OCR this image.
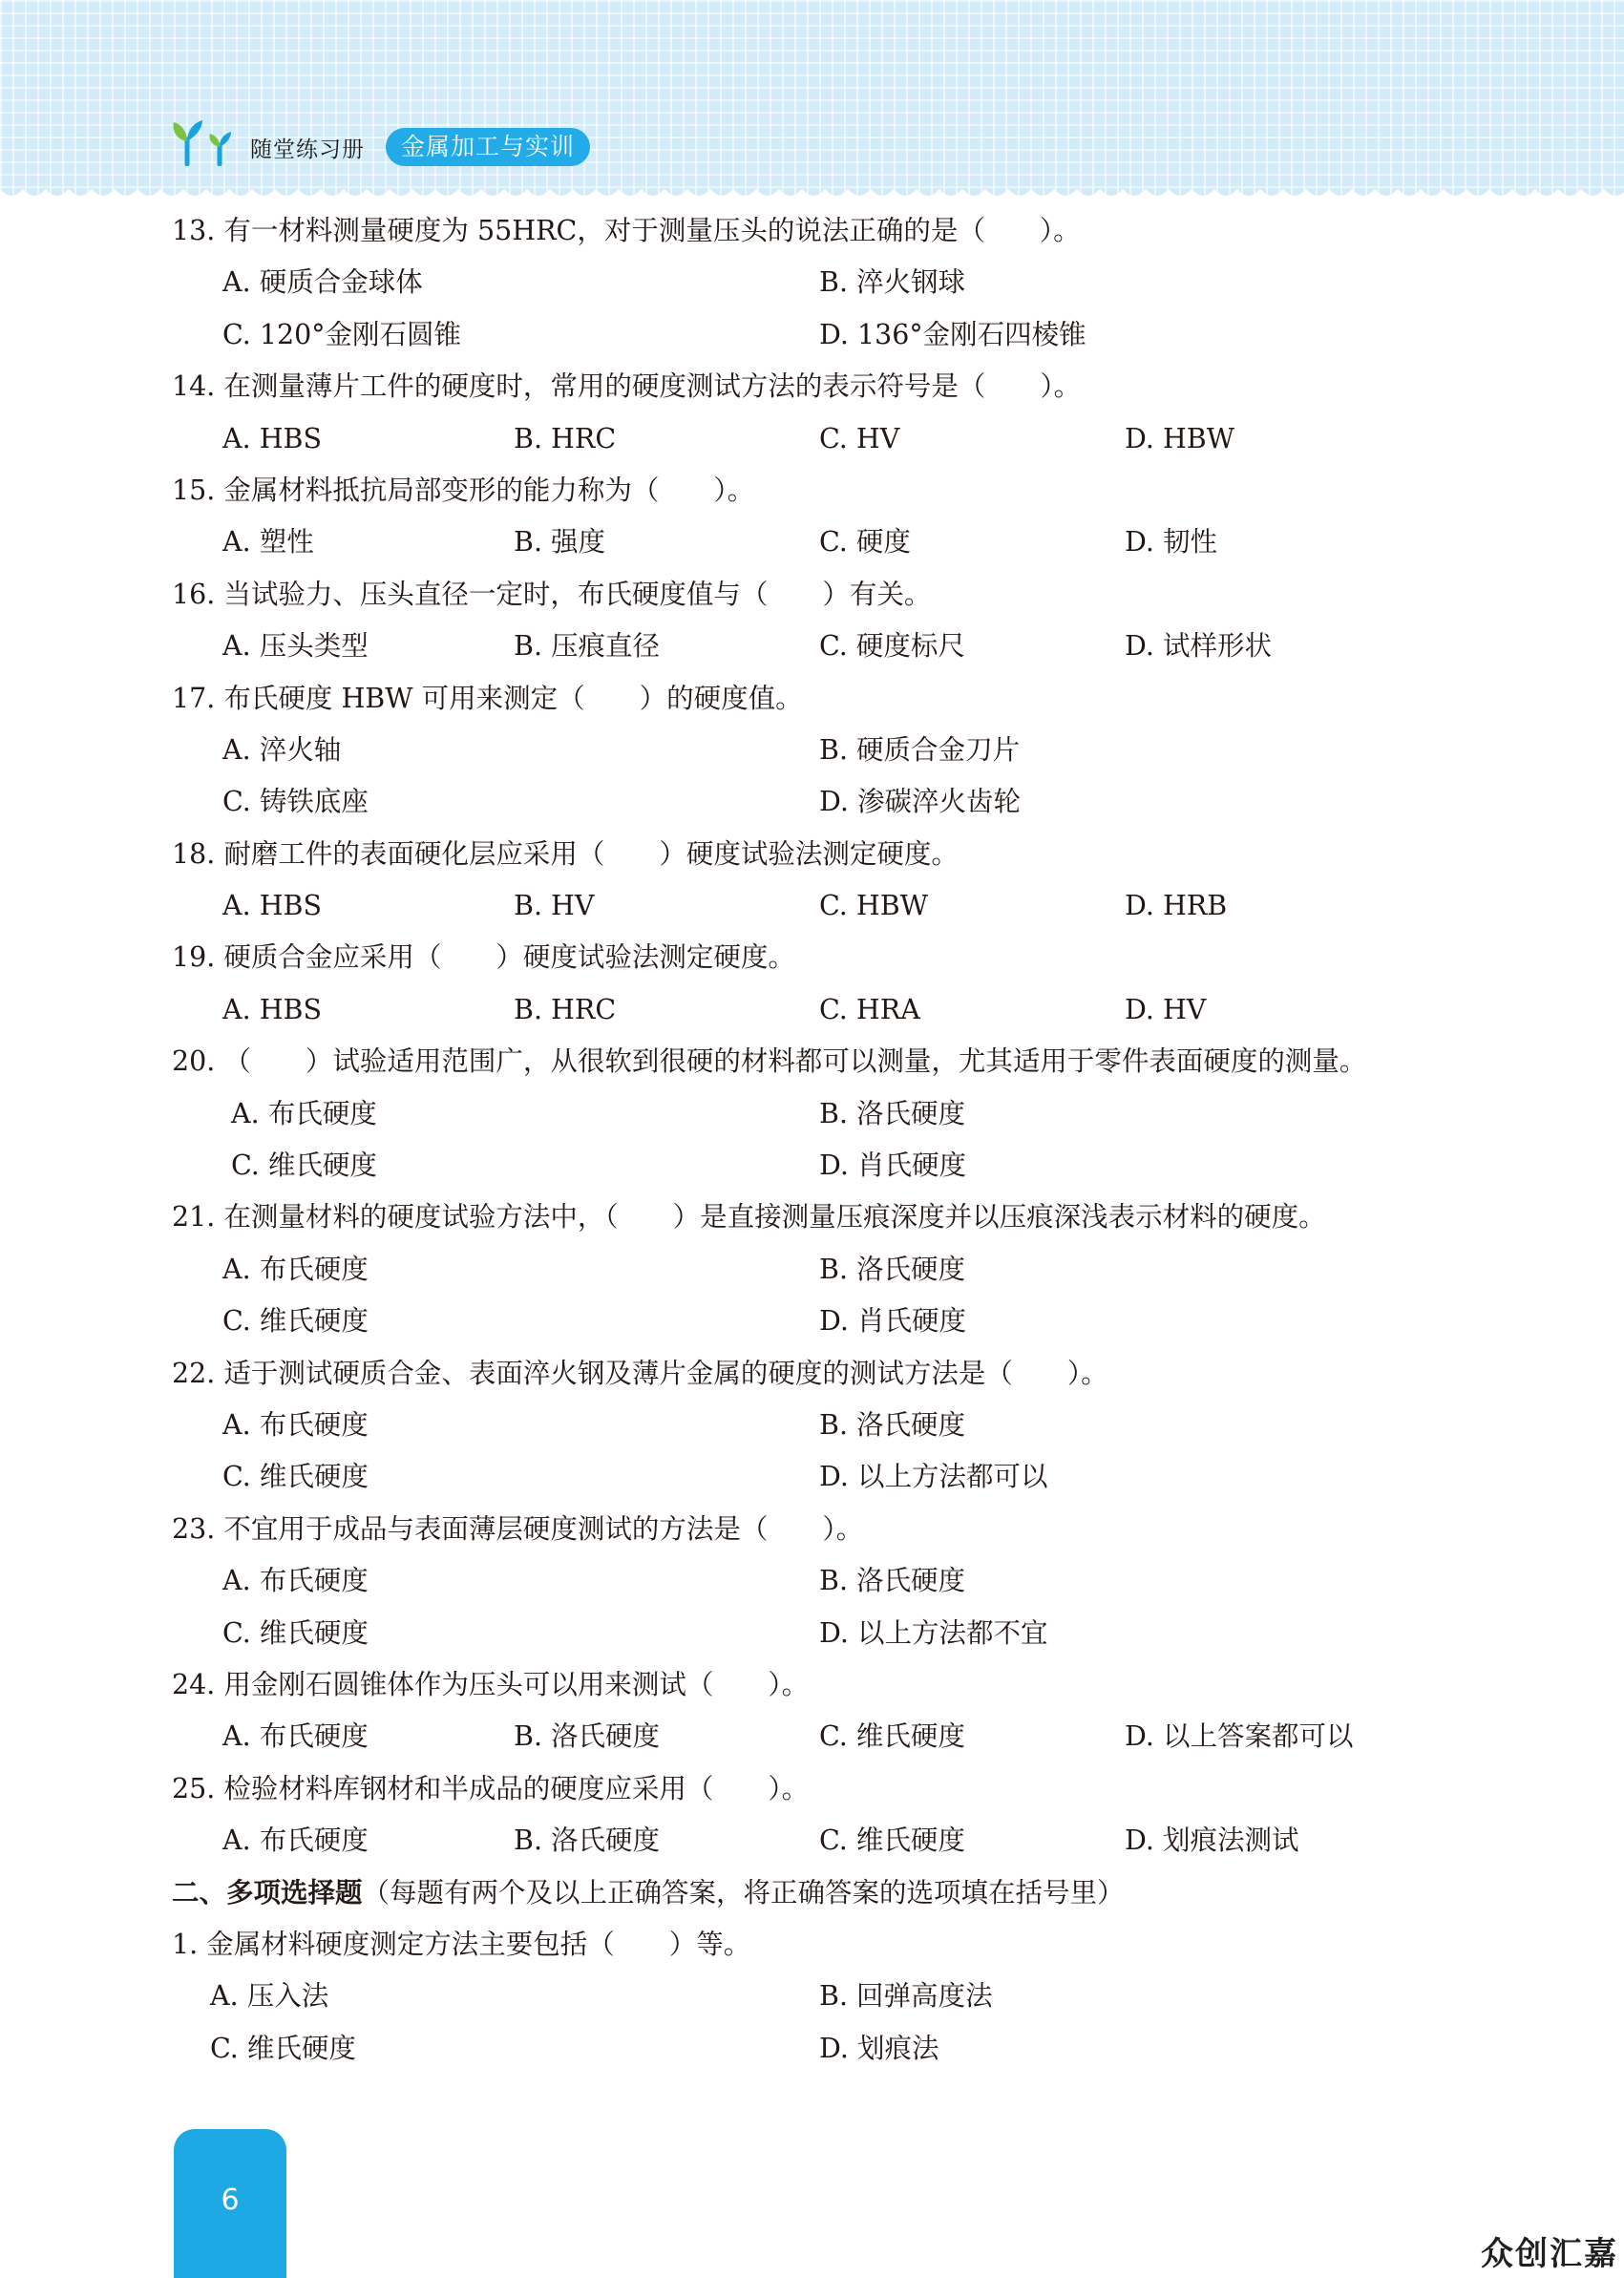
随堂练习册	金属加工与实训
13. 有一材料测量硬度为 55HRC，对于测量压头的说法正确的是（　　）。
A. 硬质合金球体	B. 淬火钢球
C. 120°金刚石圆锥	D. 136°金刚石四棱锥
14. 在测量薄片工件的硬度时，常用的硬度测试方法的表示符号是（　　）。
A. HBS	B. HRC	C. HV	D. HBW
15. 金属材料抵抗局部变形的能力称为（　　）。
A. 塑性	B. 强度	C. 硬度	D. 韧性
16. 当试验力、压头直径一定时，布氏硬度值与（　　）有关。
A. 压头类型	B. 压痕直径	C. 硬度标尺	D. 试样形状
17. 布氏硬度 HBW 可用来测定（　　）的硬度值。
A. 淬火轴	B. 硬质合金刀片
C. 铸铁底座	D. 渗碳淬火齿轮
18. 耐磨工件的表面硬化层应采用（　　）硬度试验法测定硬度。
A. HBS	B. HV	C. HBW	D. HRB
19. 硬质合金应采用（　　）硬度试验法测定硬度。
A. HBS	B. HRC	C. HRA	D. HV
20. （　　）试验适用范围广，从很软到很硬的材料都可以测量，尤其适用于零件表面硬度的测量。
A. 布氏硬度	B. 洛氏硬度
C. 维氏硬度	D. 肖氏硬度
21. 在测量材料的硬度试验方法中，（　　）是直接测量压痕深度并以压痕深浅表示材料的硬度。
A. 布氏硬度	B. 洛氏硬度
C. 维氏硬度	D. 肖氏硬度
22. 适于测试硬质合金、表面淬火钢及薄片金属的硬度的测试方法是（　　）。
A. 布氏硬度	B. 洛氏硬度
C. 维氏硬度	D. 以上方法都可以
23. 不宜用于成品与表面薄层硬度测试的方法是（　　）。
A. 布氏硬度	B. 洛氏硬度
C. 维氏硬度	D. 以上方法都不宜
24. 用金刚石圆锥体作为压头可以用来测试（　　）。
A. 布氏硬度	B. 洛氏硬度	C. 维氏硬度	D. 以上答案都可以
25. 检验材料库钢材和半成品的硬度应采用（　　）。
A. 布氏硬度	B. 洛氏硬度	C. 维氏硬度	D. 划痕法测试
二、多项选择题（每题有两个及以上正确答案，将正确答案的选项填在括号里）
1. 金属材料硬度测定方法主要包括（　　）等。
A. 压入法	B. 回弹高度法
C. 维氏硬度	D. 划痕法
6
众创汇嘉
